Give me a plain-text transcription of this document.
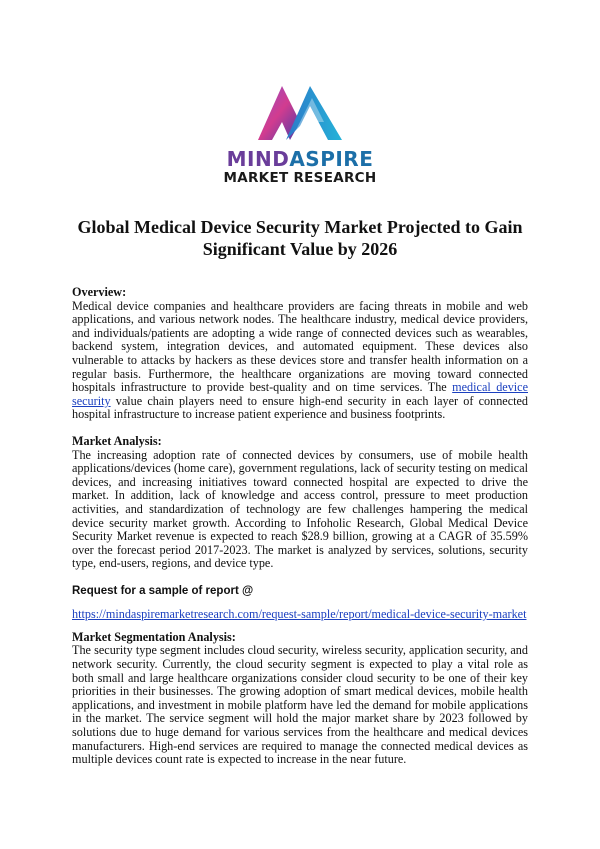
MINDASPIRE
MARKET RESEARCH
Global Medical Device Security Market Projected to Gain Significant Value by 2026

Overview:

Medical device companies and healthcare providers are facing threats in mobile and web applications, and various network nodes. The healthcare industry, medical device providers, and individuals/patients are adopting a wide range of connected devices such as wearables, backend system, integration devices, and automated equipment. These devices also vulnerable to attacks by hackers as these devices store and transfer health information on a regular basis. Furthermore, the healthcare organizations are moving toward connected hospitals infrastructure to provide best-quality and on time services. The medical device security value chain players need to ensure high-end security in each layer of connected hospital infrastructure to increase patient experience and business footprints.

Market Analysis:

The increasing adoption rate of connected devices by consumers, use of mobile health applications/devices (home care), government regulations, lack of security testing on medical devices, and increasing initiatives toward connected hospital are expected to drive the market. In addition, lack of knowledge and access control, pressure to meet production activities, and standardization of technology are few challenges hampering the medical device security market growth. According to Infoholic Research, Global Medical Device Security Market revenue is expected to reach $28.9 billion, growing at a CAGR of 35.59% over the forecast period 2017-2023. The market is analyzed by services, solutions, security type, end-users, regions, and device type.

Request for a sample of report @

https://mindaspiremarketresearch.com/request-sample/report/medical-device-security-market

Market Segmentation Analysis:

The security type segment includes cloud security, wireless security, application security, and network security. Currently, the cloud security segment is expected to play a vital role as both small and large healthcare organizations consider cloud security to be one of their key priorities in their businesses. The growing adoption of smart medical devices, mobile health applications, and investment in mobile platform have led the demand for mobile applications in the market. The service segment will hold the major market share by 2023 followed by solutions due to huge demand for various services from the healthcare and medical devices manufacturers. High-end services are required to manage the connected medical devices as multiple devices count rate is expected to increase in the near future.
